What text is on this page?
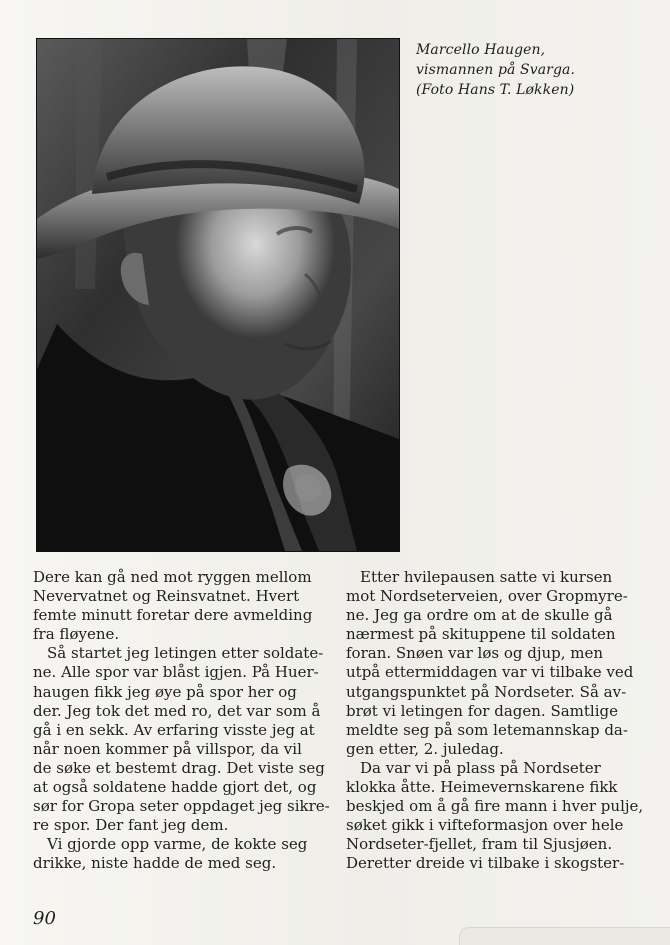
Marcello Haugen,
vismannen på Svarga.
(Foto Hans T. Løkken)
Dere kan gå ned mot ryggen mellom
Nevervatnet og Reinsvatnet. Hvert
femte minutt foretar dere avmelding
fra fløyene.
Så startet jeg letingen etter soldate-
ne. Alle spor var blåst igjen. På Huer-
haugen fikk jeg øye på spor her og
der. Jeg tok det med ro, det var som å
gå i en sekk. Av erfaring visste jeg at
når noen kommer på villspor, da vil
de søke et bestemt drag. Det viste seg
at også soldatene hadde gjort det, og
sør for Gropa seter oppdaget jeg sikre-
re spor. Der fant jeg dem.
Vi gjorde opp varme, de kokte seg
drikke, niste hadde de med seg.
Etter hvilepausen satte vi kursen
mot Nordseterveien, over Gropmyre-
ne. Jeg ga ordre om at de skulle gå
nærmest på skituppene til soldaten
foran. Snøen var løs og djup, men
utpå ettermiddagen var vi tilbake ved
utgangspunktet på Nordseter. Så av-
brøt vi letingen for dagen. Samtlige
meldte seg på som letemannskap da-
gen etter, 2. juledag.
Da var vi på plass på Nordseter
klokka åtte. Heimevernskarene fikk
beskjed om å gå fire mann i hver pulje,
søket gikk i vifteformasjon over hele
Nordseter-fjellet, fram til Sjusjøen.
Deretter dreide vi tilbake i skogster-
90
